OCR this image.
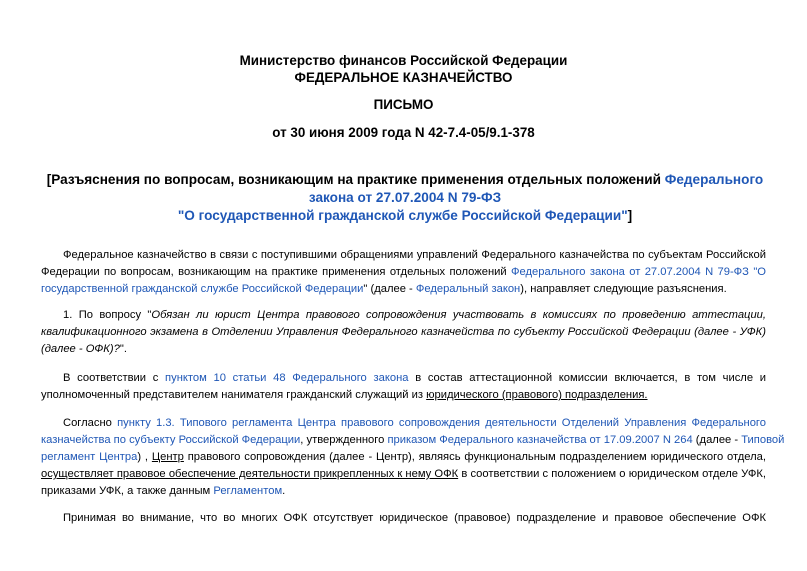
Министерство финансов Российской Федерации
ФЕДЕРАЛЬНОЕ КАЗНАЧЕЙСТВО
ПИСЬМО
от 30 июня 2009 года N 42-7.4-05/9.1-378
[Разъяснения по вопросам, возникающим на практике применения отдельных положений Федерального
закона от 27.07.2004 N 79-ФЗ
"О государственной гражданской службе Российской Федерации"]
Федеральное казначейство в связи с поступившими обращениями управлений Федерального казначейства по субъектам Российской
Федерации по вопросам, возникающим на практике применения отдельных положений Федерального закона от 27.07.2004 N 79-ФЗ "О
государственной гражданской службе Российской Федерации" (далее - Федеральный закон), направляет следующие разъяснения.
1. По вопросу "Обязан ли юрист Центра правового сопровождения участвовать в комиссиях по проведению аттестации,
квалификационного экзамена в Отделении Управления Федерального казначейства по субъекту Российской Федерации (далее - УФК)
(далее - ОФК)?".
В соответствии с пунктом 10 статьи 48 Федерального закона в состав аттестационной комиссии включается, в том числе и
уполномоченный представителем нанимателя гражданский служащий из юридического (правового) подразделения.
Согласно пункту 1.3. Типового регламента Центра правового сопровождения деятельности Отделений Управления Федерального
казначейства по субъекту Российской Федерации, утвержденного приказом Федерального казначейства от 17.09.2007 N 264 (далее - Типовой
регламент Центра) , Центр правового сопровождения (далее - Центр), являясь функциональным подразделением юридического отдела,
осуществляет правовое обеспечение деятельности прикрепленных к нему ОФК в соответствии с положением о юридическом отделе УФК,
приказами УФК, а также данным Регламентом.
Принимая во внимание, что во многих ОФК отсутствует юридическое (правовое) подразделение и правовое обеспечение ОФК
